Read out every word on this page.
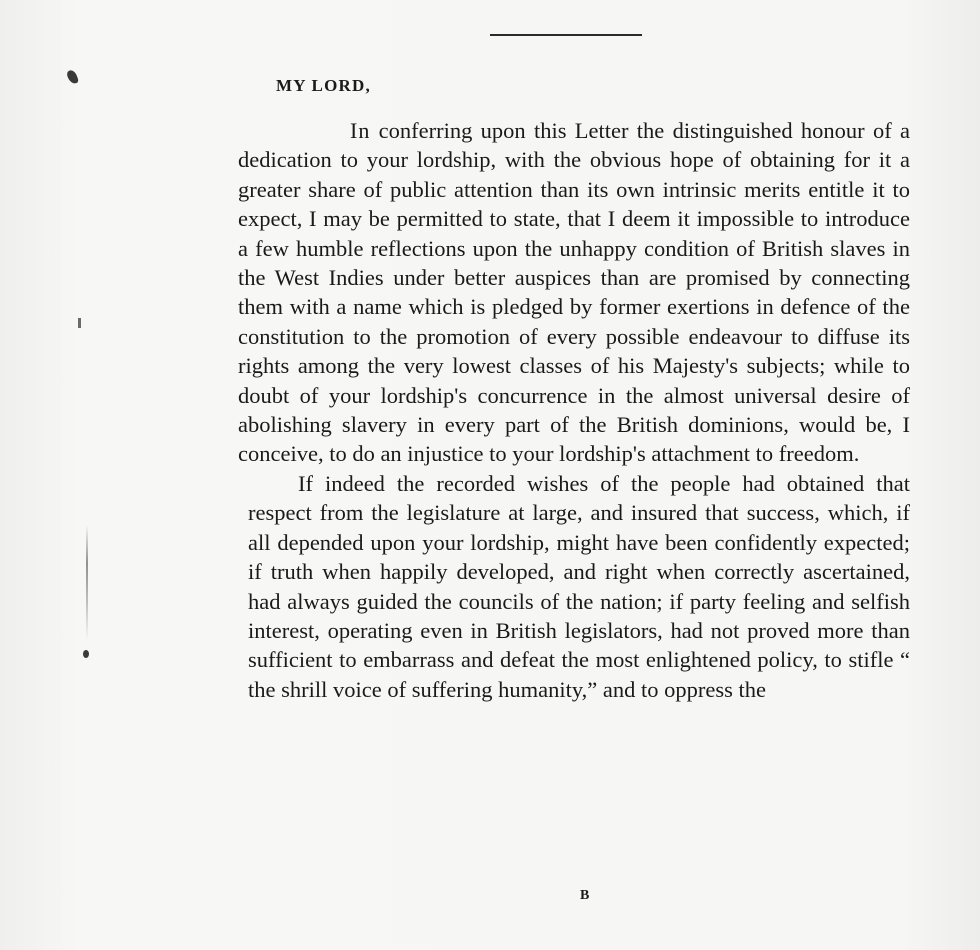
MY LORD,

In conferring upon this Letter the distinguished honour of a dedication to your lordship, with the obvious hope of obtaining for it a greater share of public attention than its own intrinsic merits entitle it to expect, I may be permitted to state, that I deem it impossible to introduce a few humble reflections upon the unhappy condition of British slaves in the West Indies under better auspices than are promised by connecting them with a name which is pledged by former exertions in defence of the constitution to the promotion of every possible endeavour to diffuse its rights among the very lowest classes of his Majesty's subjects; while to doubt of your lordship's concurrence in the almost universal desire of abolishing slavery in every part of the British dominions, would be, I conceive, to do an injustice to your lordship's attachment to freedom.

If indeed the recorded wishes of the people had obtained that respect from the legislature at large, and insured that success, which, if all depended upon your lordship, might have been confidently expected; if truth when happily developed, and right when correctly ascertained, had always guided the councils of the nation; if party feeling and selfish interest, operating even in British legislators, had not proved more than sufficient to embarrass and defeat the most enlightened policy, to stifle “ the shrill voice of suffering humanity,” and to oppress the

B
